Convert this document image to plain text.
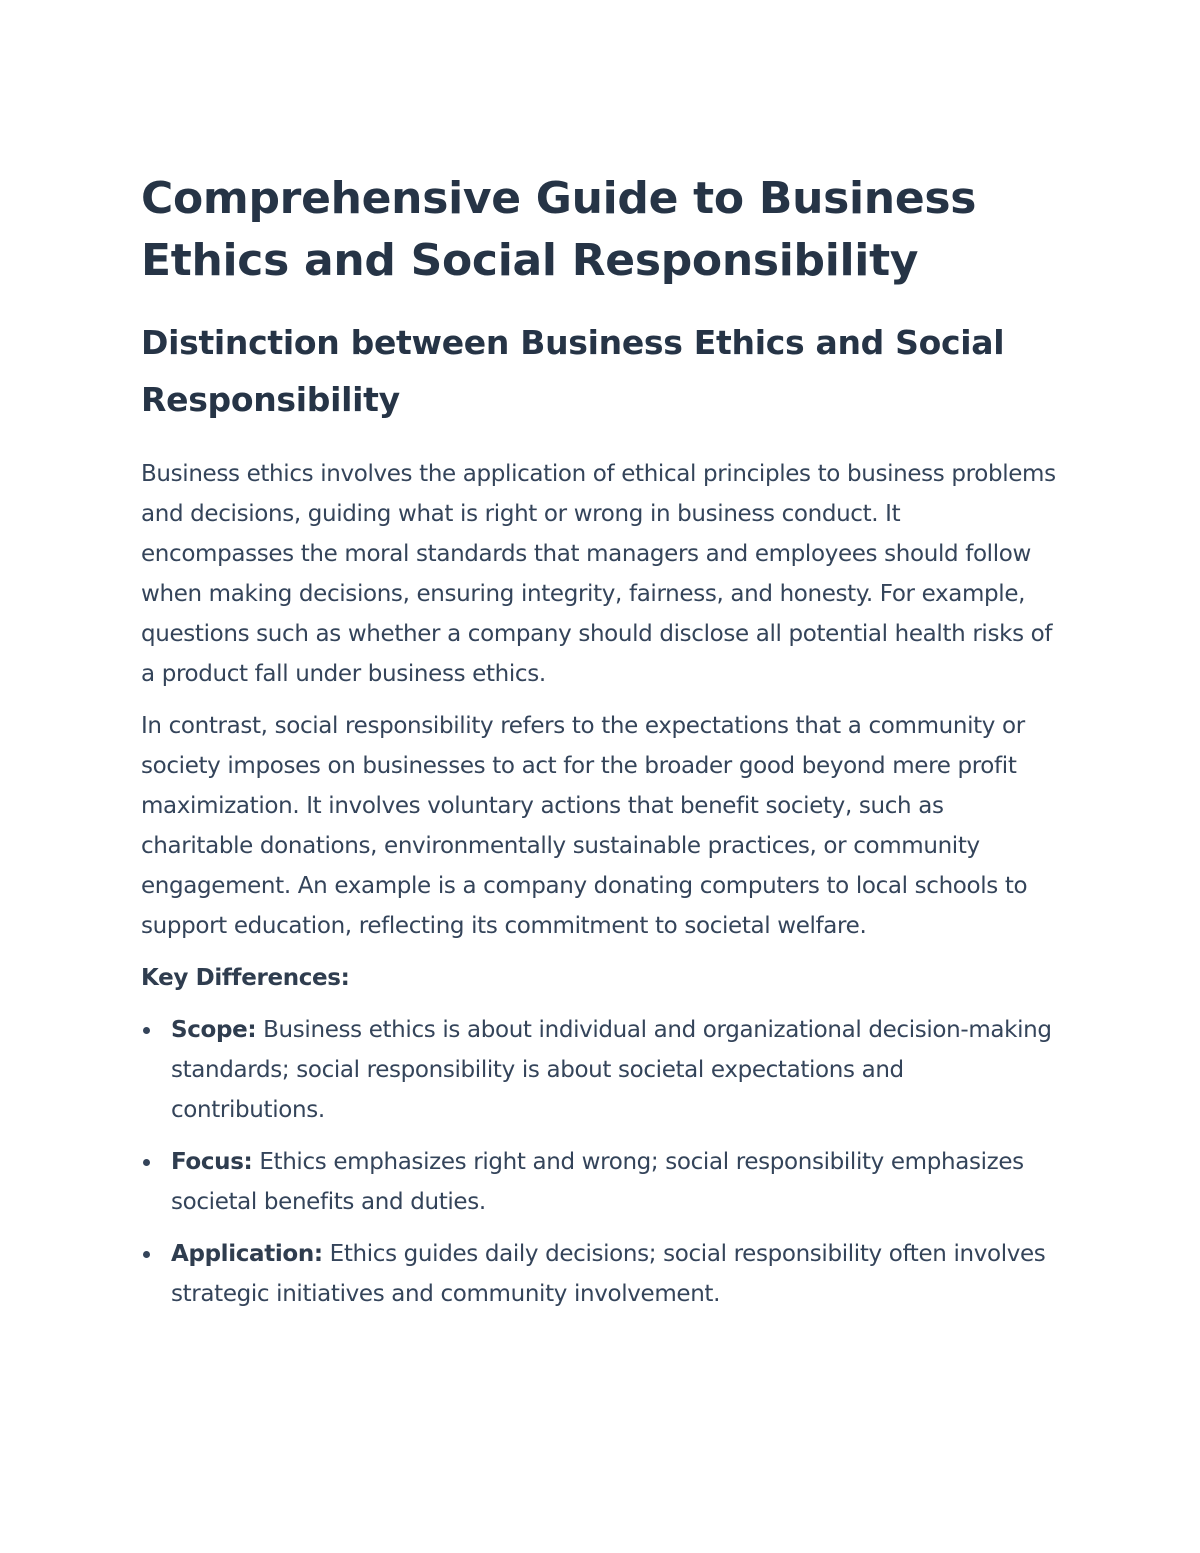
Comprehensive Guide to Business Ethics and Social Responsibility
Distinction between Business Ethics and Social Responsibility

Business ethics involves the application of ethical principles to business problems and decisions, guiding what is right or wrong in business conduct. It encompasses the moral standards that managers and employees should follow when making decisions, ensuring integrity, fairness, and honesty. For example, questions such as whether a company should disclose all potential health risks of a product fall under business ethics.

In contrast, social responsibility refers to the expectations that a community or society imposes on businesses to act for the broader good beyond mere profit maximization. It involves voluntary actions that benefit society, such as charitable donations, environmentally sustainable practices, or community engagement. An example is a company donating computers to local schools to support education, reflecting its commitment to societal welfare.

Key Differences:
Scope: Business ethics is about individual and organizational decision-making standards; social responsibility is about societal expectations and contributions.
Focus: Ethics emphasizes right and wrong; social responsibility emphasizes societal benefits and duties.
Application: Ethics guides daily decisions; social responsibility often involves strategic initiatives and community involvement.
